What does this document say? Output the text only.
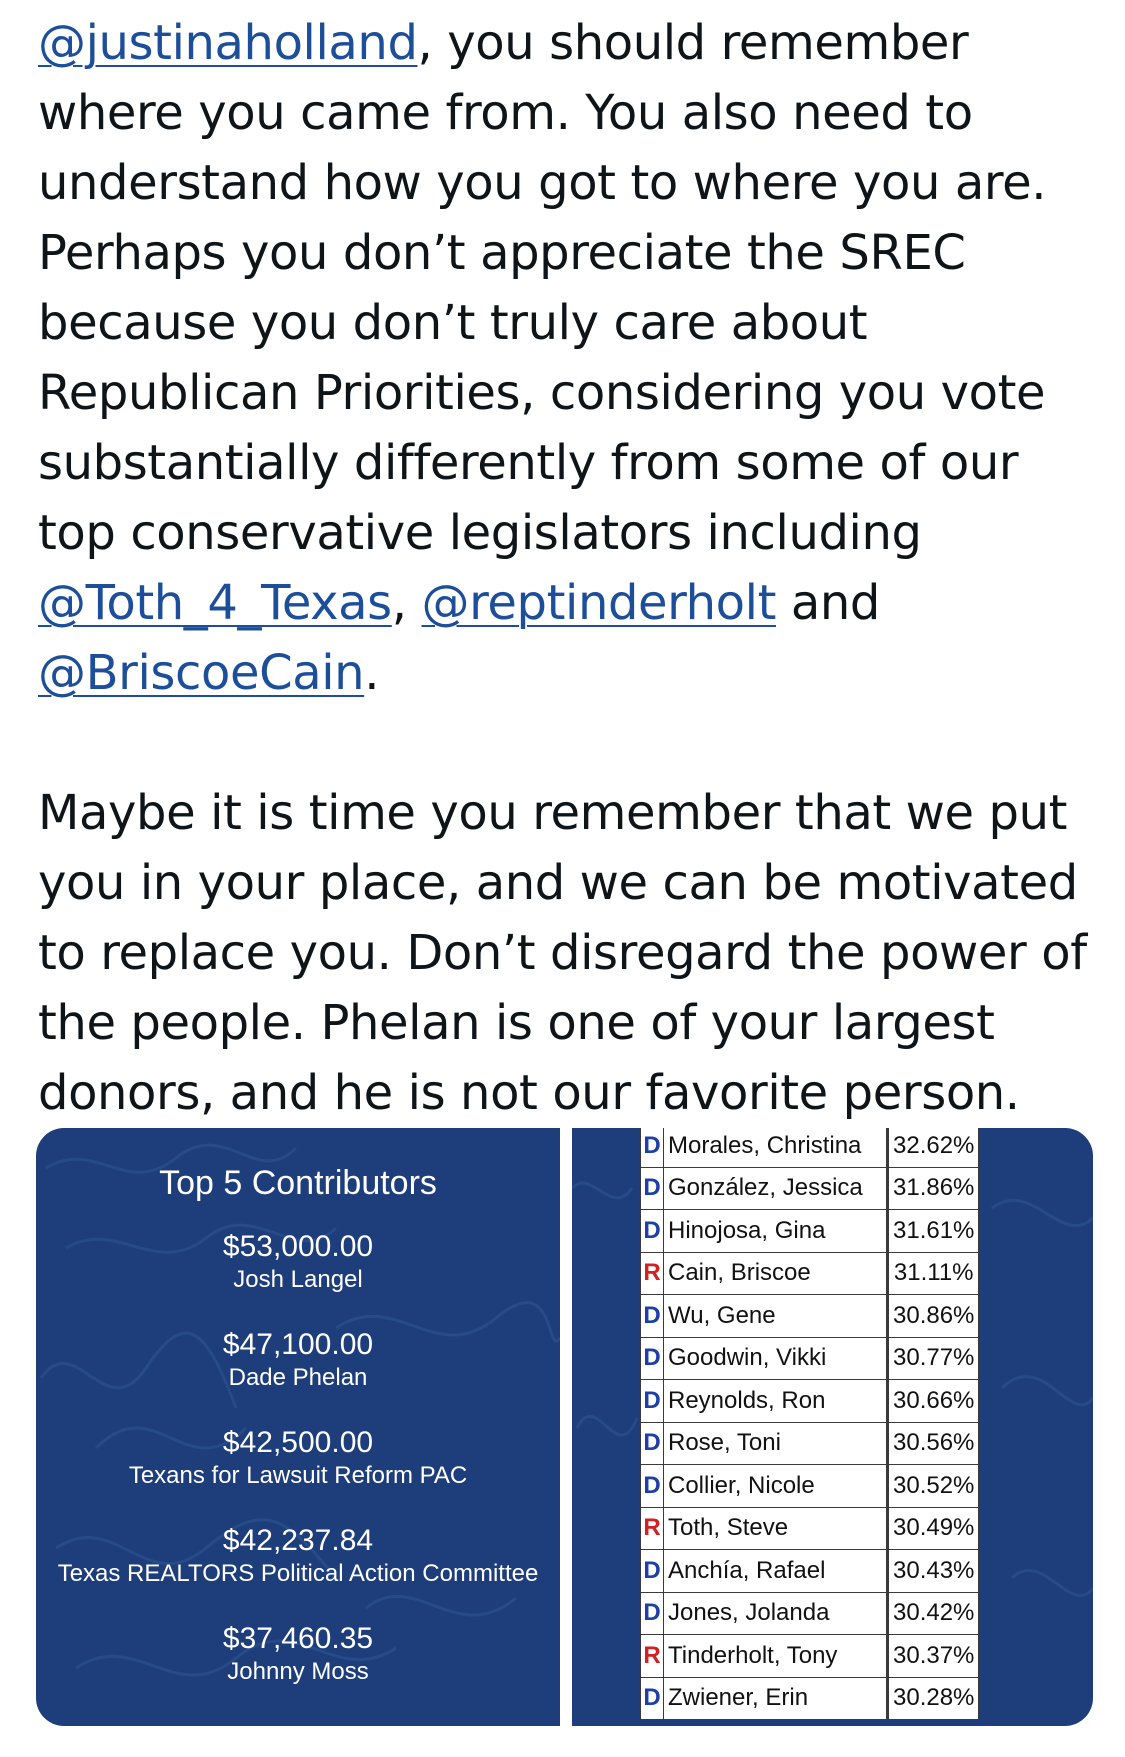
@justinaholland, you should remember where you came from. You also need to understand how you got to where you are. Perhaps you don’t appreciate the SREC because you don’t truly care about Republican Priorities, considering you vote substantially differently from some of our top conservative legislators including @Toth_4_Texas, @reptinderholt and @BriscoeCain.

Maybe it is time you remember that we put you in your place, and we can be motivated to replace you. Don’t disregard the power of the people. Phelan is one of your largest donors, and he is not our favorite person.

Top 5 Contributors
$53,000.00
Josh Langel
$47,100.00
Dade Phelan
$42,500.00
Texans for Lawsuit Reform PAC
$42,237.84
Texas REALTORS Political Action Committee
$37,460.35
Johnny Moss
D	Morales, Christina	32.62%
D	González, Jessica	31.86%
D	Hinojosa, Gina	31.61%
R	Cain, Briscoe	31.11%
D	Wu, Gene	30.86%
D	Goodwin, Vikki	30.77%
D	Reynolds, Ron	30.66%
D	Rose, Toni	30.56%
D	Collier, Nicole	30.52%
R	Toth, Steve	30.49%
D	Anchía, Rafael	30.43%
D	Jones, Jolanda	30.42%
R	Tinderholt, Tony	30.37%
D	Zwiener, Erin	30.28%
